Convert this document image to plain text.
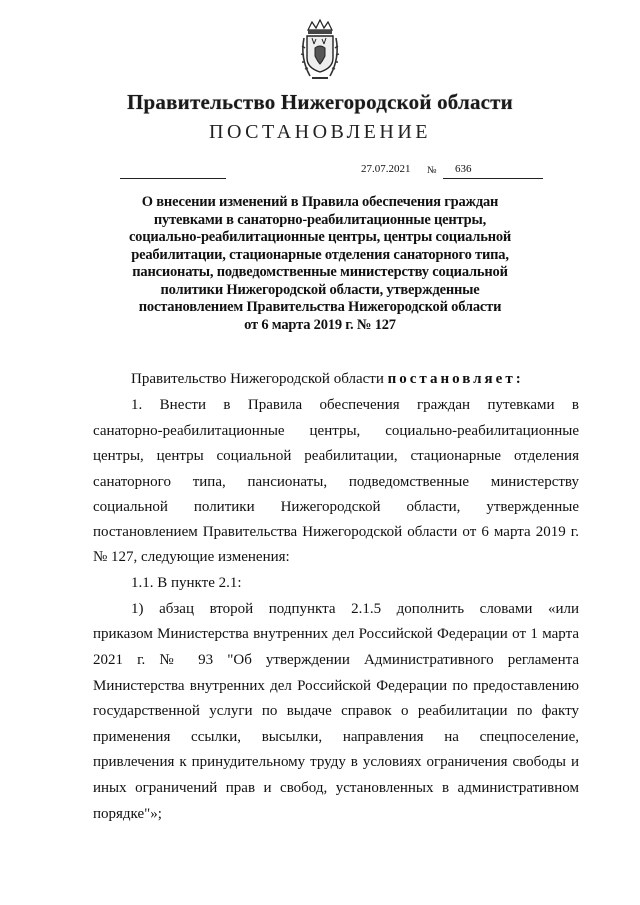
Правительство Нижегородской области
ПОСТАНОВЛЕНИЕ
27.07.2021 № 636
О внесении изменений в Правила обеспечения граждан
путевками в санаторно-реабилитационные центры,
социально-реабилитационные центры, центры социальной
реабилитации, стационарные отделения санаторного типа,
пансионаты, подведомственные министерству социальной
политики Нижегородской области, утвержденные
постановлением Правительства Нижегородской области
от 6 марта 2019 г. № 127
Правительство Нижегородской области постановляет:
1. Внести в Правила обеспечения граждан путевками в
санаторно-реабилитационные центры, социально-реабилитационные
центры, центры социальной реабилитации, стационарные отделения
санаторного типа, пансионаты, подведомственные министерству
социальной политики Нижегородской области, утвержденные
постановлением Правительства Нижегородской области от 6 марта 2019 г.
№ 127, следующие изменения:
1.1. В пункте 2.1:
1) абзац второй подпункта 2.1.5 дополнить словами «или
приказом Министерства внутренних дел Российской Федерации от 1 марта
2021 г. № 93 "Об утверждении Административного регламента
Министерства внутренних дел Российской Федерации по предоставлению
государственной услуги по выдаче справок о реабилитации по факту
применения ссылки, высылки, направления на спецпоселение,
привлечения к принудительному труду в условиях ограничения свободы и
иных ограничений прав и свобод, установленных в административном
порядке"»;
